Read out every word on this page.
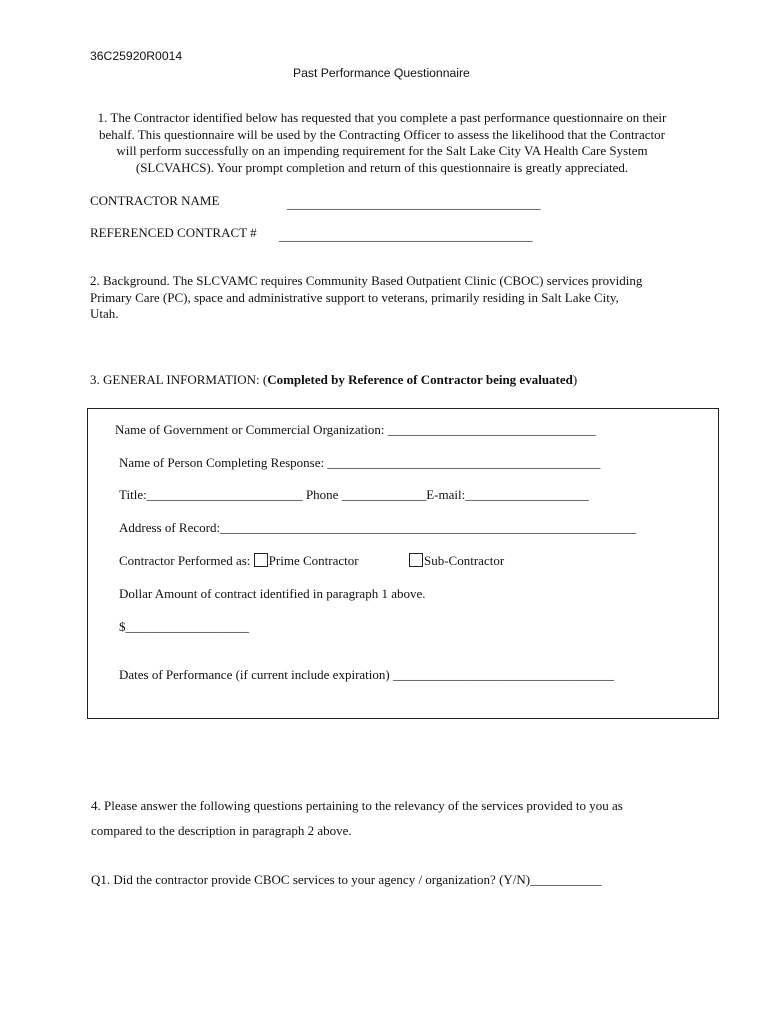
36C25920R0014
Past Performance Questionnaire
1. The Contractor identified below has requested that you complete a past performance questionnaire on their behalf. This questionnaire will be used by the Contracting Officer to assess the likelihood that the Contractor will perform successfully on an impending requirement for the Salt Lake City VA Health Care System (SLCVAHCS). Your prompt completion and return of this questionnaire is greatly appreciated.
CONTRACTOR NAME	_______________________________________
REFERENCED CONTRACT # _______________________________________
2. Background. The SLCVAMC requires Community Based Outpatient Clinic (CBOC) services providing Primary Care (PC), space and administrative support to veterans, primarily residing in Salt Lake City, Utah.
3. GENERAL INFORMATION: (Completed by Reference of Contractor being evaluated)
Name of Government or Commercial Organization: ________________________________
Name of Person Completing Response: __________________________________________
Title:________________________ Phone _____________E-mail:___________________
Address of Record:________________________________________________________________
Contractor Performed as: Prime Contractor	Sub-Contractor
Dollar Amount of contract identified in paragraph 1 above.
$___________________
Dates of Performance (if current include expiration) __________________________________
4. Please answer the following questions pertaining to the relevancy of the services provided to you as
compared to the description in paragraph 2 above.
Q1. Did the contractor provide CBOC services to your agency / organization? (Y/N)___________
